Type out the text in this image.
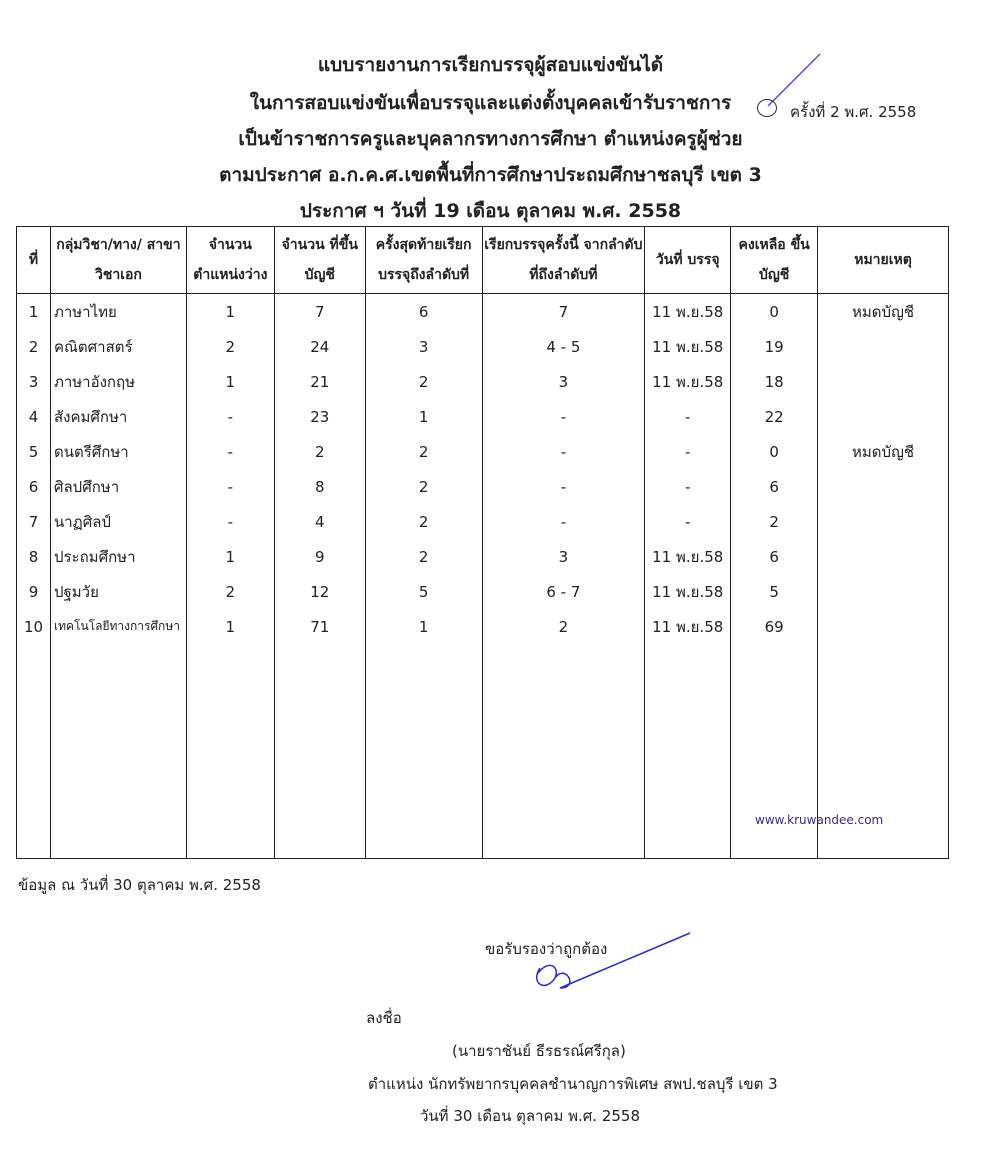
แบบรายงานการเรียกบรรจุผู้สอบแข่งขันได้
ในการสอบแข่งขันเพื่อบรรจุและแต่งตั้งบุคคลเข้ารับราชการ
เป็นข้าราชการครูและบุคลากรทางการศึกษา ตำแหน่งครูผู้ช่วย
ตามประกาศ อ.ก.ค.ศ.เขตพื้นที่การศึกษาประถมศึกษาชลบุรี เขต 3
ประกาศ ฯ วันที่ 19 เดือน ตุลาคม พ.ศ. 2558
ครั้งที่ 2 พ.ศ. 2558
ที่	กลุ่มวิชา/ทาง/ สาขาวิชาเอก	จำนวน ตำแหน่งว่าง	จำนวน ที่ขึ้นบัญชี	ครั้งสุดท้ายเรียก บรรจุถึงลำดับที่	เรียกบรรจุครั้งนี้ จากลำดับที่ถึงลำดับที่	วันที่ บรรจุ	คงเหลือ ขึ้นบัญชี	หมายเหตุ
1	ภาษาไทย	1	7	6	7	11 พ.ย.58	0	หมดบัญชี
2	คณิตศาสตร์	2	24	3	4 - 5	11 พ.ย.58	19	
3	ภาษาอังกฤษ	1	21	2	3	11 พ.ย.58	18	
4	สังคมศึกษา	-	23	1	-	-	22	
5	ดนตรีศึกษา	-	2	2	-	-	0	หมดบัญชี
6	ศิลปศึกษา	-	8	2	-	-	6	
7	นาฏศิลป์	-	4	2	-	-	2	
8	ประถมศึกษา	1	9	2	3	11 พ.ย.58	6	
9	ปฐมวัย	2	12	5	6 - 7	11 พ.ย.58	5	
10	เทคโนโลยีทางการศึกษา	1	71	1	2	11 พ.ย.58	69	

www.kruwandee.com
ข้อมูล ณ วันที่ 30 ตุลาคม พ.ศ. 2558
ขอรับรองว่าถูกต้อง
ลงชื่อ
(นายราชันย์ ธีรธรณ์ศรีกุล)
ตำแหน่ง นักทรัพยากรบุคคลชำนาญการพิเศษ สพป.ชลบุรี เขต 3
วันที่ 30 เดือน ตุลาคม พ.ศ. 2558
